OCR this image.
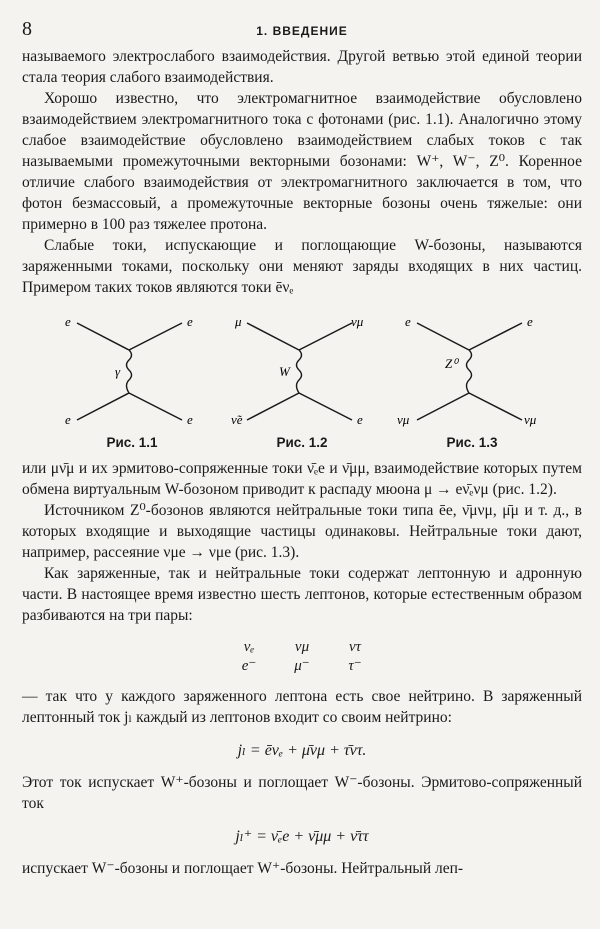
8	1. ВВЕДЕНИЕ

называемого электрослабого взаимодействия. Другой ветвью этой единой теории стала теория слабого взаимодействия.

Хорошо известно, что электромагнитное взаимодействие обусловлено взаимодействием электромагнитного тока с фотонами (рис. 1.1). Аналогично этому слабое взаимодействие обусловлено взаимодействием слабых токов с так называемыми промежуточными векторными бозонами: W⁺, W⁻, Z⁰. Коренное отличие слабого взаимодействия от электромагнитного заключается в том, что фотон безмассовый, а промежуточные векторные бозоны очень тяжелые: они примерно в 100 раз тяжелее протона.

Слабые токи, испускающие и поглощающие W-бозоны, называются заряженными токами, поскольку они меняют заряды входящих в них частиц. Примером таких токов являются токи ēνₑ

e	e
γ
e	e
Рис. 1.1
μ	νμ
W
ν̃e	e
Рис. 1.2
e	e
Z⁰
νμ	νμ
Рис. 1.3

или μν̄μ и их эрмитово-сопряженные токи ν̄ₑe и ν̄μμ, взаимодействие которых путем обмена виртуальным W-бозоном приводит к распаду мюона μ → eν̄ₑνμ (рис. 1.2).

Источником Z⁰-бозонов являются нейтральные токи типа ēe, ν̄μνμ, μ̄μ и т. д., в которых входящие и выходящие частицы одинаковы. Нейтральные токи дают, например, рассеяние νμe → νμe (рис. 1.3).

Как заряженные, так и нейтральные токи содержат лептонную и адронную части. В настоящее время известно шесть лептонов, которые естественным образом разбиваются на три пары:

νₑ	νμ	ντ
e⁻	μ⁻	τ⁻

— так что у каждого заряженного лептона есть свое нейтрино. В заряженный лептонный ток jₗ каждый из лептонов входит со своим нейтрино:

jₗ = ēνₑ + μ̄νμ + τ̄ντ.

Этот ток испускает W⁺-бозоны и поглощает W⁻-бозоны. Эрмитово-сопряженный ток

jₗ⁺ = ν̄ₑe + ν̄μμ + ν̄ττ

испускает W⁻-бозоны и поглощает W⁺-бозоны. Нейтральный леп-
